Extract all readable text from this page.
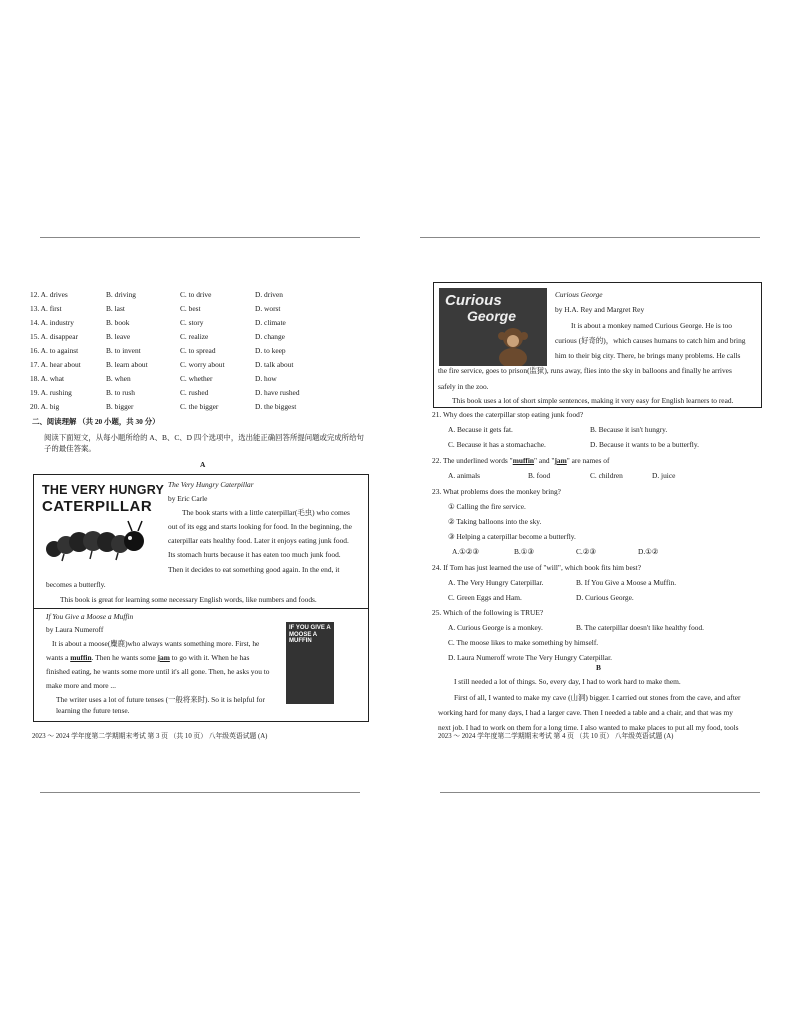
12. A. drives	B. driving	C. to drive	D. driven
13. A. first	B. last	C. best	D. worst
14. A. industry	B. book	C. story	D. climate
15. A. disappear	B. leave	C. realize	D. change
16. A. to against	B. to invent	C. to spread	D. to keep
17. A. hear about	B. learn about	C. worry about	D. talk about
18. A. what	B. when	C. whether	D. how
19. A. rushing	B. to rush	C. rushed	D. have rushed
20. A. big	B. bigger	C. the bigger	D. the biggest
二、阅读理解 （共 20 小题，共 30 分）
阅读下面短文，从每小题所给的 A、B、C、D 四个选项中，选出能正确回答所提问题或完成所给句子的最佳答案。
A
THE VERY HUNGRY
CATERPILLAR
The Very Hungry Caterpillar
by Eric Carle
The book starts with a little caterpillar(毛虫) who comes
out of its egg and starts looking for food. In the beginning, the
caterpillar eats healthy food. Later it enjoys eating junk food.
Its stomach hurts because it has eaten too much junk food.
Then it decides to eat something good again. In the end, it
becomes a butterfly.
This book is great for learning some necessary English words, like numbers and foods.
If You Give a Moose a Muffin
by Laura Numeroff
It is about a moose(麋鹿)who always wants something more. First, he
wants a muffin. Then he wants some jam to go with it. When he has
finished eating, he wants some more until it's all gone. Then, he asks you to
make more and more ...
The writer uses a lot of future tenses (一般将来时). So it is helpful for
learning the future tense.
IF YOU GIVE A MOOSE A MUFFIN
2023 ～ 2024 学年度第二学期期末考试 第 3 页 （共 10 页） 八年级英语试题 (A)
Curious
George
Curious George
by H.A. Rey and Margret Rey
It is about a monkey named Curious George. He is too
curious (好奇的)，which causes humans to catch him and bring
him to their big city. There, he brings many problems. He calls
the fire service, goes to prison(监狱), runs away, flies into the sky in balloons and finally he arrives
safely in the zoo.
This book uses a lot of short simple sentences, making it very easy for English learners to read.
21. Why does the caterpillar stop eating junk food?
A. Because it gets fat.	B. Because it isn't hungry.
C. Because it has a stomachache.	D. Because it wants to be a butterfly.
22. The underlined words "muffin" and "jam" are names of
A. animals	B. food	C. children	D. juice
23. What problems does the monkey bring?
① Calling the fire service.
② Taking balloons into the sky.
③ Helping a caterpillar become a butterfly.
A.①②③	B.①③	C.②③	D.①②
24. If Tom has just learned the use of "will", which book fits him best?
A. The Very Hungry Caterpillar.	B. If You Give a Moose a Muffin.
C. Green Eggs and Ham.	D. Curious George.
25. Which of the following is TRUE?
A. Curious George is a monkey.	B. The caterpillar doesn't like healthy food.
C. The moose likes to make something by himself.
D. Laura Numeroff wrote The Very Hungry Caterpillar.
B
I still needed a lot of things. So, every day, I had to work hard to make them.
First of all, I wanted to make my cave (山洞) bigger. I carried out stones from the cave, and after
working hard for many days, I had a larger cave. Then I needed a table and a chair, and that was my
next job. I had to work on them for a long time. I also wanted to make places to put all my food, tools
2023 ～ 2024 学年度第二学期期末考试 第 4 页 （共 10 页） 八年级英语试题 (A)
